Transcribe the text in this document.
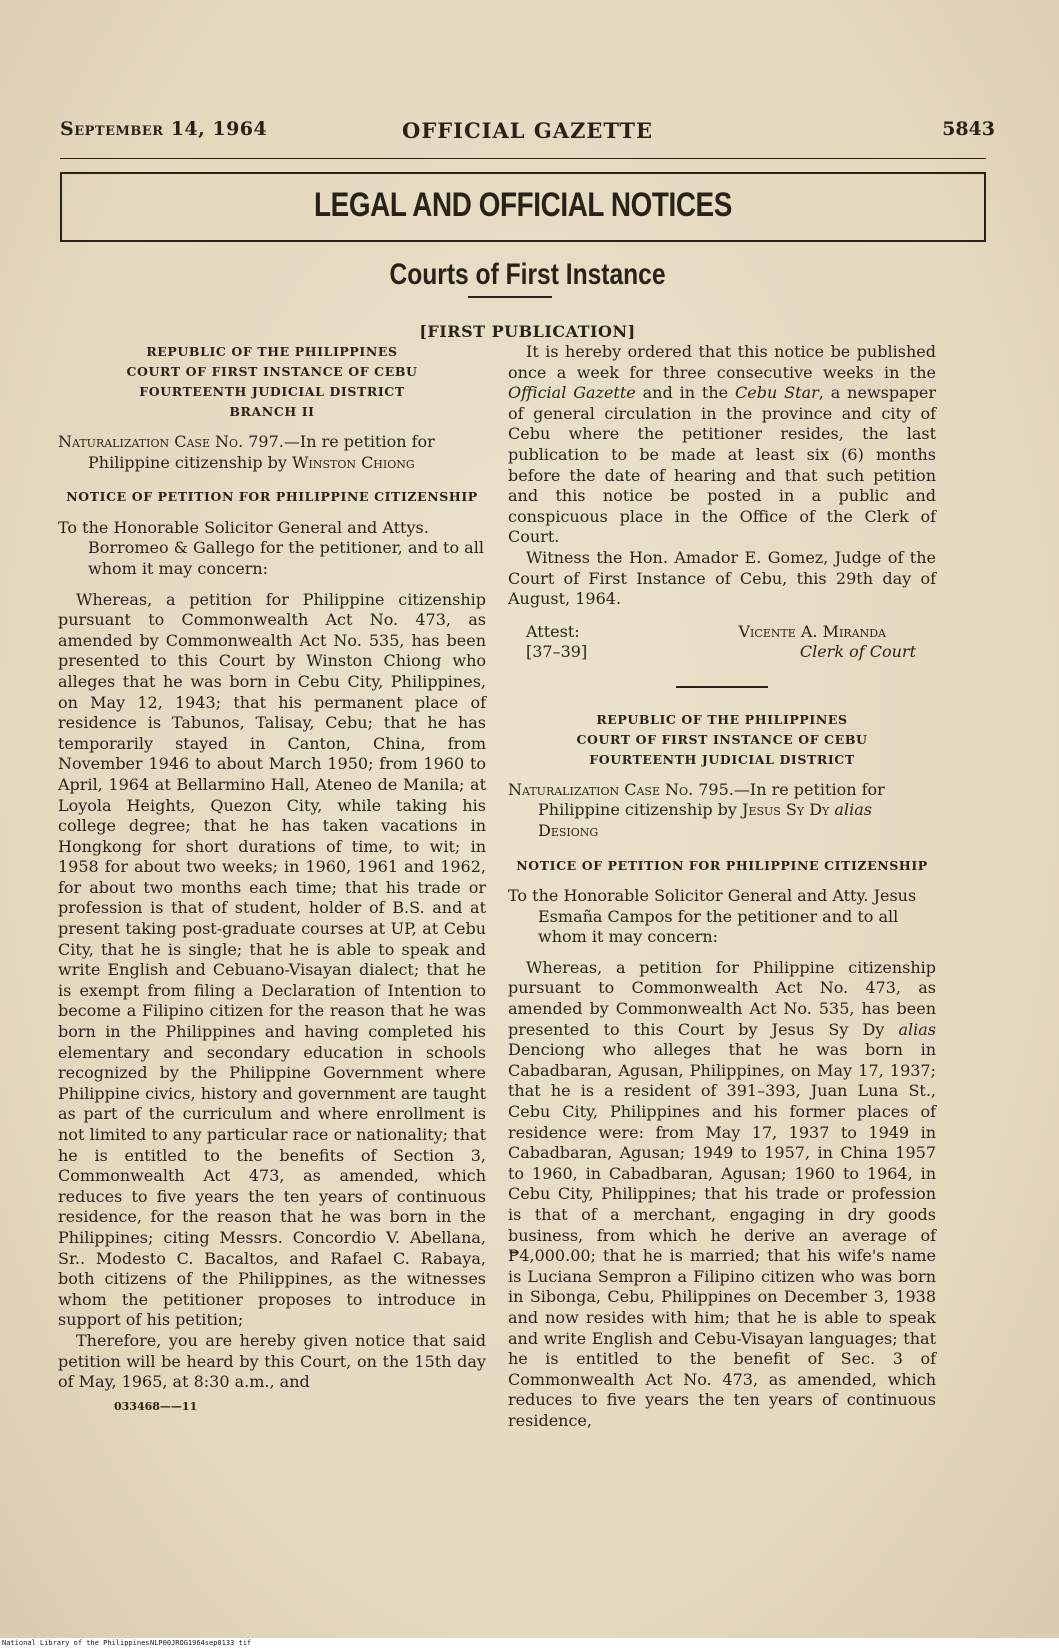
September 14, 1964	OFFICIAL GAZETTE	5843
LEGAL AND OFFICIAL NOTICES
Courts of First Instance
[FIRST PUBLICATION]
REPUBLIC OF THE PHILIPPINES
COURT OF FIRST INSTANCE OF CEBU
FOURTEENTH JUDICIAL DISTRICT
BRANCH II

Naturalization Case No. 797.—In re petition for Philippine citizenship by Winston Chiong

NOTICE OF PETITION FOR PHILIPPINE CITIZENSHIP

To the Honorable Solicitor General and Attys. Borromeo & Gallego for the petitioner, and to all whom it may concern:

Whereas, a petition for Philippine citizenship pursuant to Commonwealth Act No. 473, as amended by Commonwealth Act No. 535, has been presented to this Court by Winston Chiong who alleges that he was born in Cebu City, Philippines, on May 12, 1943; that his permanent place of residence is Tabunos, Talisay, Cebu; that he has temporarily stayed in Canton, China, from November 1946 to about March 1950; from 1960 to April, 1964 at Bellarmino Hall, Ateneo de Manila; at Loyola Heights, Quezon City, while taking his college degree; that he has taken vacations in Hongkong for short durations of time, to wit; in 1958 for about two weeks; in 1960, 1961 and 1962, for about two months each time; that his trade or profession is that of student, holder of B.S. and at present taking post-graduate courses at UP, at Cebu City, that he is single; that he is able to speak and write English and Cebuano-Visayan dialect; that he is exempt from filing a Declaration of Intention to become a Filipino citizen for the reason that he was born in the Philippines and having completed his elementary and secondary education in schools recognized by the Philippine Government where Philippine civics, history and government are taught as part of the curriculum and where enrollment is not limited to any particular race or nationality; that he is entitled to the benefits of Section 3, Commonwealth Act 473, as amended, which reduces to five years the ten years of continuous residence, for the reason that he was born in the Philippines; citing Messrs. Concordio V. Abellana, Sr.. Modesto C. Bacaltos, and Rafael C. Rabaya, both citizens of the Philippines, as the witnesses whom the petitioner proposes to introduce in support of his petition;

Therefore, you are hereby given notice that said petition will be heard by this Court, on the 15th day of May, 1965, at 8:30 a.m., and

033468——11

It is hereby ordered that this notice be published once a week for three consecutive weeks in the Official Gazette and in the Cebu Star, a newspaper of general circulation in the province and city of Cebu where the petitioner resides, the last publication to be made at least six (6) months before the date of hearing and that such petition and this notice be posted in a public and conspicuous place in the Office of the Clerk of Court.

Witness the Hon. Amador E. Gomez, Judge of the Court of First Instance of Cebu, this 29th day of August, 1964.

Attest:
[37–39]
Vicente A. Miranda
Clerk of Court
REPUBLIC OF THE PHILIPPINES
COURT OF FIRST INSTANCE OF CEBU
FOURTEENTH JUDICIAL DISTRICT

Naturalization Case No. 795.—In re petition for Philippine citizenship by Jesus Sy Dy alias Desiong

NOTICE OF PETITION FOR PHILIPPINE CITIZENSHIP

To the Honorable Solicitor General and Atty. Jesus Esmaña Campos for the petitioner and to all whom it may concern:

Whereas, a petition for Philippine citizenship pursuant to Commonwealth Act No. 473, as amended by Commonwealth Act No. 535, has been presented to this Court by Jesus Sy Dy alias Denciong who alleges that he was born in Cabadbaran, Agusan, Philippines, on May 17, 1937; that he is a resident of 391–393, Juan Luna St., Cebu City, Philippines and his former places of residence were: from May 17, 1937 to 1949 in Cabadbaran, Agusan; 1949 to 1957, in China 1957 to 1960, in Cabadbaran, Agusan; 1960 to 1964, in Cebu City, Philippines; that his trade or profession is that of a merchant, engaging in dry goods business, from which he derive an average of ₱4,000.00; that he is married; that his wife's name is Luciana Sempron a Filipino citizen who was born in Sibonga, Cebu, Philippines on December 3, 1938 and now resides with him; that he is able to speak and write English and Cebu-Visayan languages; that he is entitled to the benefit of Sec. 3 of Commonwealth Act No. 473, as amended, which reduces to five years the ten years of continuous residence,

National Library of the Philippines NLP00JROG1964sep0133 tif
